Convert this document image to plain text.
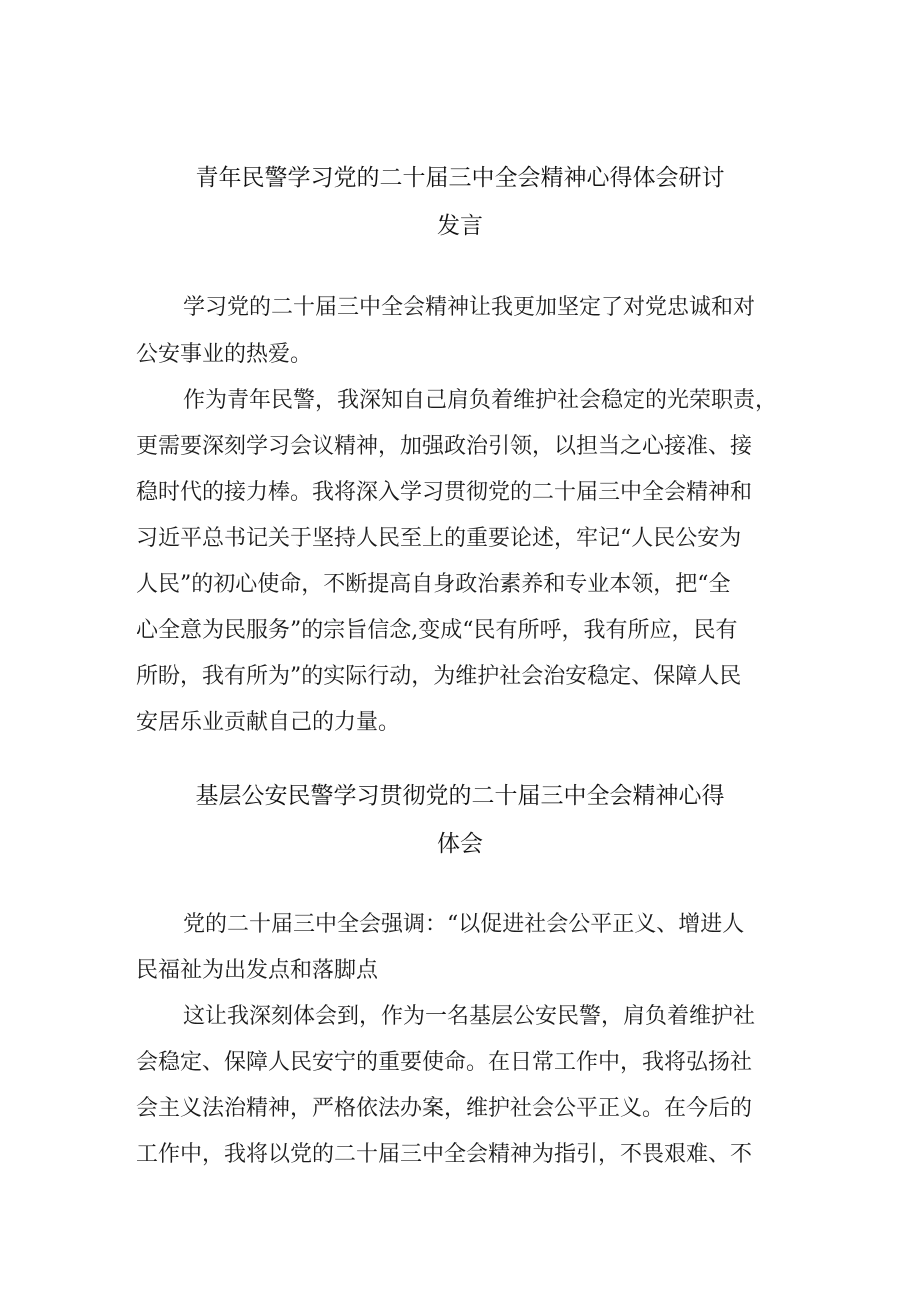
青年民警学习党的二十届三中全会精神心得体会研讨
发言
学习党的二十届三中全会精神让我更加坚定了对党忠诚和对
公安事业的热爱。
作为青年民警，我深知自己肩负着维护社会稳定的光荣职责，
更需要深刻学习会议精神，加强政治引领，以担当之心接准、接
稳时代的接力棒。我将深入学习贯彻党的二十届三中全会精神和
习近平总书记关于坚持人民至上的重要论述，牢记“人民公安为
人民”的初心使命，不断提高自身政治素养和专业本领，把“全
心全意为民服务”的宗旨信念,变成“民有所呼，我有所应，民有
所盼，我有所为”的实际行动，为维护社会治安稳定、保障人民
安居乐业贡献自己的力量。
基层公安民警学习贯彻党的二十届三中全会精神心得
体会
党的二十届三中全会强调：“以促进社会公平正义、增进人
民福祉为出发点和落脚点
这让我深刻体会到，作为一名基层公安民警，肩负着维护社
会稳定、保障人民安宁的重要使命。在日常工作中，我将弘扬社
会主义法治精神，严格依法办案，维护社会公平正义。在今后的
工作中，我将以党的二十届三中全会精神为指引，不畏艰难、不
